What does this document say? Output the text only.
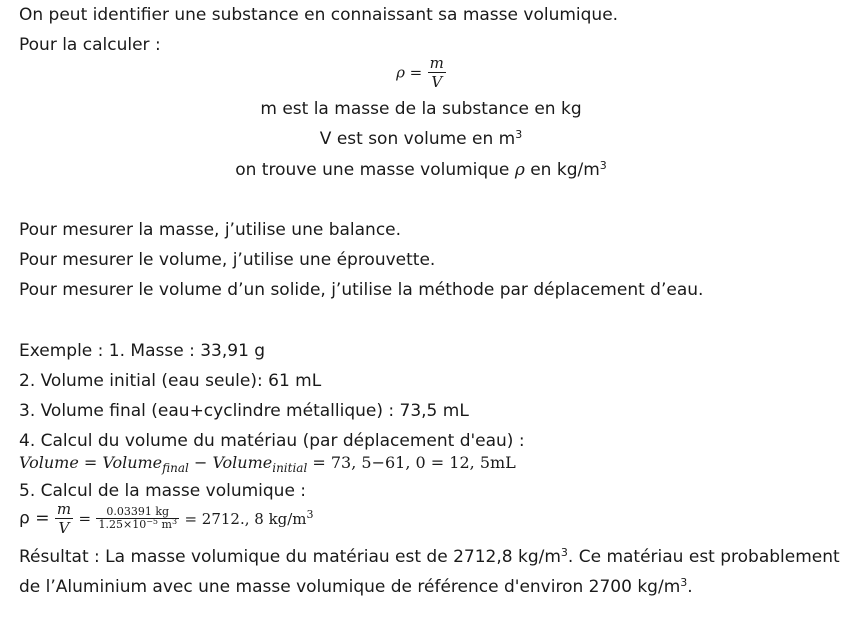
On peut identifier une substance en connaissant sa masse volumique.
Pour la calculer :
$\rho = \frac{m}{V}$
m est la masse de la substance en kg
V est son volume en $m^3$
on trouve une masse volumique ρ en $kg/m^3$
Pour mesurer la masse, j’utilise une balance.
Pour mesurer le volume, j’utilise une éprouvette.
Pour mesurer le volume d’un solide, j’utilise la méthode par déplacement d’eau.
Exemple : 1. Masse : 33,91 g
2. Volume initial (eau seule): 61 mL
3. Volume final (eau+cyclindre métallique) : 73,5 mL
4. Calcul du volume du matériau (par déplacement d'eau) :
Volume = Volume$_{final}$ − Volume$_{initial}$ = 73, 5−61, 0 = 12, 5mL
5. Calcul de la masse volumique :
$\rho = \frac{m}{V} = \frac{0.03391 kg}{1.25\times 10^{-5} m^3} = 2712$., 8 $kg/m^3$
Résultat : La masse volumique du matériau est de 2712,8 $kg/m^3$. Ce matériau est probablement
de l’Aluminium avec une masse volumique de référence d'environ 2700 $kg/m^3$.
